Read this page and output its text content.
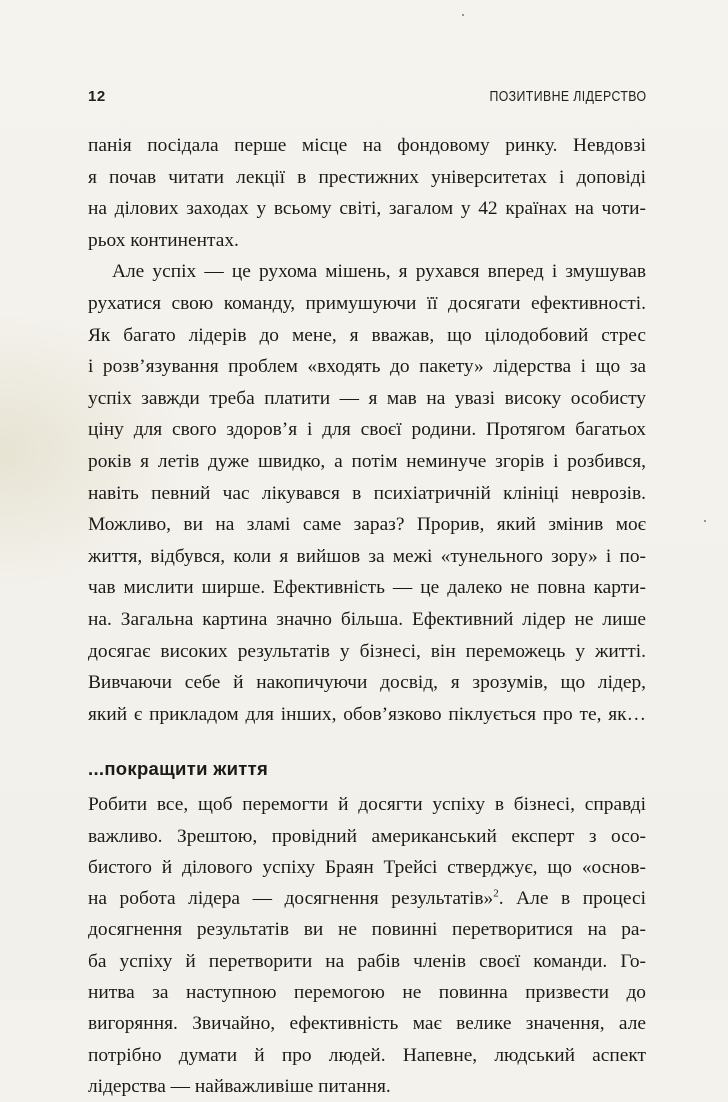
12	ПОЗИТИВНЕ ЛІДЕРСТВО
панія посідала перше місце на фондовому ринку. Невдовзі
я почав читати лекції в престижних університетах і доповіді
на ділових заходах у всьому світі, загалом у 42 країнах на чоти-
рьох континентах.
Але успіх — це рухома мішень, я рухався вперед і змушував
рухатися свою команду, примушуючи її досягати ефективності.
Як багато лідерів до мене, я вважав, що цілодобовий стрес
і розв’язування проблем «входять до пакету» лідерства і що за
успіх завжди треба платити — я мав на увазі високу особисту
ціну для свого здоров’я і для своєї родини. Протягом багатьох
років я летів дуже швидко, а потім неминуче згорів і розбився,
навіть певний час лікувався в психіатричній клініці неврозів.
Можливо, ви на зламі саме зараз? Прорив, який змінив моє
життя, відбувся, коли я вийшов за межі «тунельного зору» і по-
чав мислити ширше. Ефективність — це далеко не повна карти-
на. Загальна картина значно більша. Ефективний лідер не лише
досягає високих результатів у бізнесі, він переможець у житті.
Вивчаючи себе й накопичуючи досвід, я зрозумів, що лідер,
який є прикладом для інших, обов’язково піклується про те, як…
...покращити життя
Робити все, щоб перемогти й досягти успіху в бізнесі, справді
важливо. Зрештою, провідний американський експерт з осо-
бистого й ділового успіху Браян Трейсі стверджує, що «основ-
на робота лідера — досягнення результатів»$^2$. Але в процесі
досягнення результатів ви не повинні перетворитися на ра-
ба успіху й перетворити на рабів членів своєї команди. Го-
нитва за наступною перемогою не повинна призвести до
вигоряння. Звичайно, ефективність має велике значення, але
потрібно думати й про людей. Напевне, людський аспект
лідерства — найважливіше питання.
